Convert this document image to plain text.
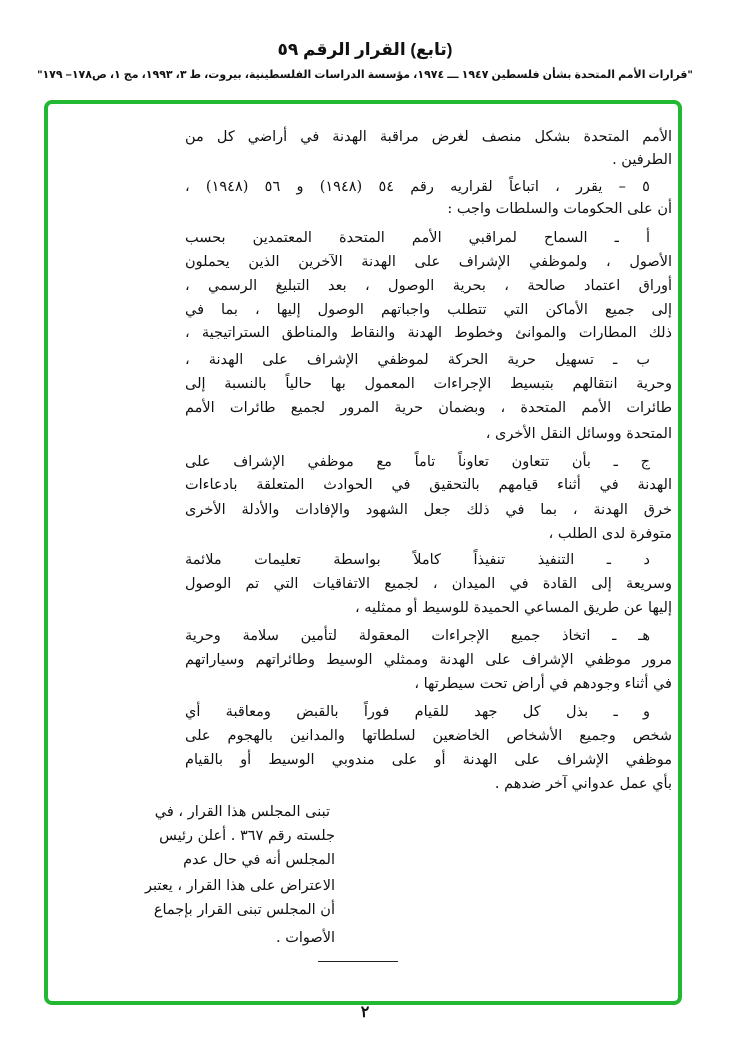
(تابع) القرار الرقم ٥٩
"قرارات الأمم المتحدة بشأن فلسطين ١٩٤٧ ـــ ١٩٧٤، مؤسسة الدراسات الفلسطينية، بيروت، ط ٣، ١٩٩٣، مج ١، ص١٧٨– ١٧٩"
الأمم المتحدة بشكل منصف لغرض مراقبة الهدنة في أراضي كل من
الطرفين .
٥ – يقرر ، اتباعاً لقراريه رقم ٥٤ (١٩٤٨) و ٥٦ (١٩٤٨) ،
أن على الحكومات والسلطات واجب :
أ ـ السماح لمراقبي الأمم المتحدة المعتمدين بحسب
الأصول ، ولموظفي الإشراف على الهدنة الآخرين الذين يحملون
أوراق اعتماد صالحة ، بحرية الوصول ، بعد التبليغ الرسمي ،
إلى جميع الأماكن التي تتطلب واجباتهم الوصول إليها ، بما في
ذلك المطارات والموانئ وخطوط الهدنة والنقاط والمناطق الستراتيجية ،
ب ـ تسهيل حرية الحركة لموظفي الإشراف على الهدنة ،
وحرية انتقالهم بتبسيط الإجراءات المعمول بها حالياً بالنسبة إلى
طائرات الأمم المتحدة ، وبضمان حرية المرور لجميع طائرات الأمم
المتحدة ووسائل النقل الأخرى ،
ج ـ بأن تتعاون تعاوناً تاماً مع موظفي الإشراف على
الهدنة في أثناء قيامهم بالتحقيق في الحوادث المتعلقة بادعاءات
خرق الهدنة ، بما في ذلك جعل الشهود والإفادات والأدلة الأخرى
متوفرة لدى الطلب ،
د ـ التنفيذ تنفيذاً كاملاً بواسطة تعليمات ملائمة
وسريعة إلى القادة في الميدان ، لجميع الاتفاقيات التي تم الوصول
إليها عن طريق المساعي الحميدة للوسيط أو ممثليه ،
هـ ـ اتخاذ جميع الإجراءات المعقولة لتأمين سلامة وحرية
مرور موظفي الإشراف على الهدنة وممثلي الوسيط وطائراتهم وسياراتهم
في أثناء وجودهم في أراض تحت سيطرتها ،
و ـ بذل كل جهد للقيام فوراً بالقبض ومعاقبة أي
شخص وجميع الأشخاص الخاضعين لسلطاتها والمدانين بالهجوم على
موظفي الإشراف على الهدنة أو على مندوبي الوسيط أو بالقيام
بأي عمل عدواني آخر ضدهم .
تبنى المجلس هذا القرار ، في
جلسته رقم ٣٦٧ . أعلن رئيس
المجلس أنه في حال عدم
الاعتراض على هذا القرار ، يعتبر
أن المجلس تبنى القرار بإجماع
الأصوات .
٢
